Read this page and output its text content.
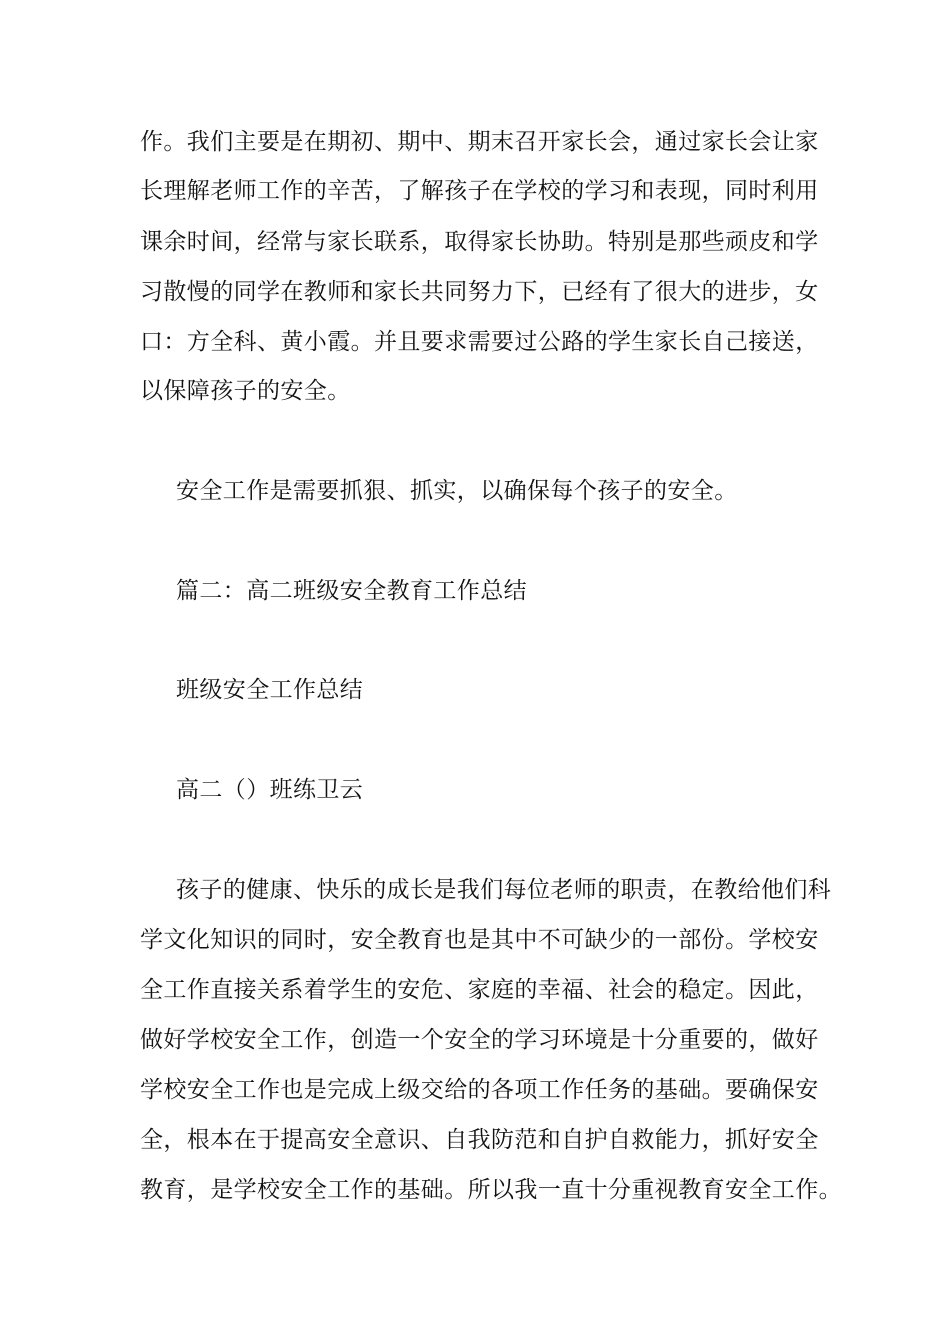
作。我们主要是在期初、期中、期末召开家长会，通过家长会让家
长理解老师工作的辛苦，了解孩子在学校的学习和表现，同时利用
课余时间，经常与家长联系，取得家长协助。特别是那些顽皮和学
习散慢的同学在教师和家长共同努力下，已经有了很大的进步，女
口：方全科、黄小霞。并且要求需要过公路的学生家长自己接送，
以保障孩子的安全。
安全工作是需要抓狠、抓实，以确保每个孩子的安全。
篇二：高二班级安全教育工作总结
班级安全工作总结
高二（）班练卫云
孩子的健康、快乐的成长是我们每位老师的职责，在教给他们科
学文化知识的同时，安全教育也是其中不可缺少的一部份。学校安
全工作直接关系着学生的安危、家庭的幸福、社会的稳定。因此，
做好学校安全工作，创造一个安全的学习环境是十分重要的，做好
学校安全工作也是完成上级交给的各项工作任务的基础。要确保安
全，根本在于提高安全意识、自我防范和自护自救能力，抓好安全
教育，是学校安全工作的基础。所以我一直十分重视教育安全工作。
